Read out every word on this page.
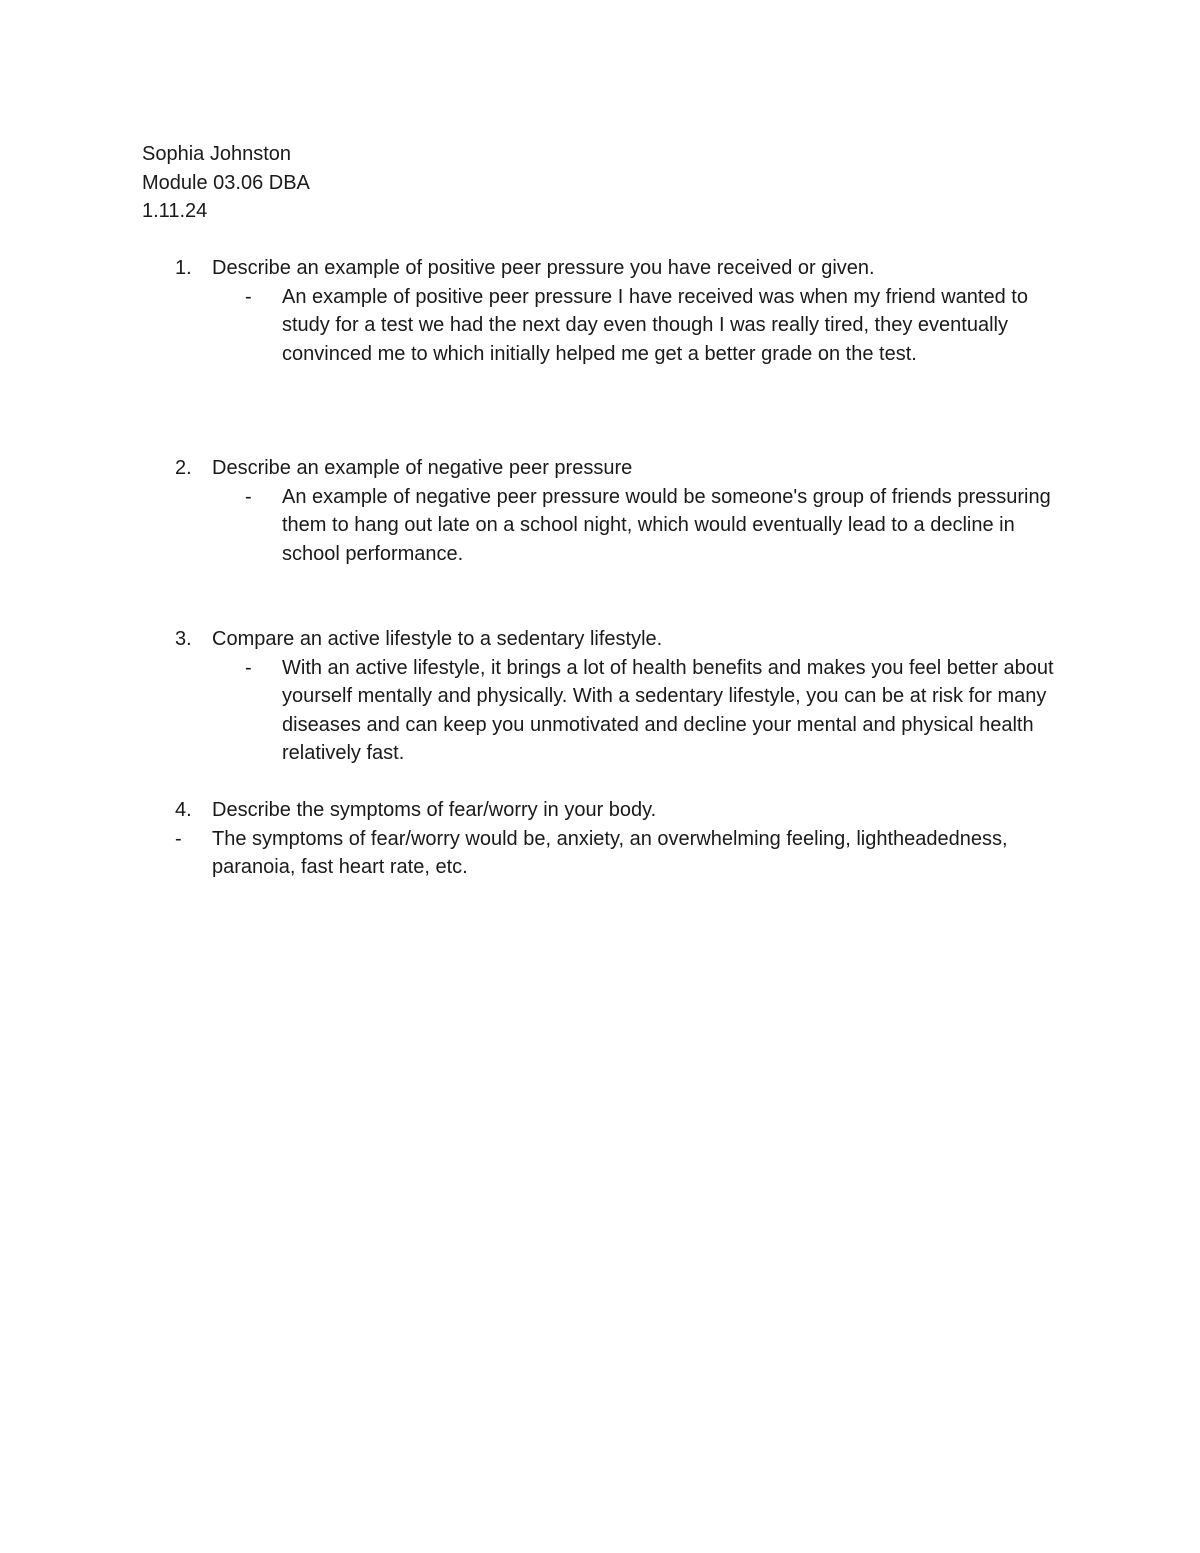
Sophia Johnston
Module 03.06 DBA
1.11.24
1. Describe an example of positive peer pressure you have received or given.
- An example of positive peer pressure I have received was when my friend wanted to study for a test we had the next day even though I was really tired, they eventually convinced me to which initially helped me get a better grade on the test.
2. Describe an example of negative peer pressure
- An example of negative peer pressure would be someone's group of friends pressuring them to hang out late on a school night, which would eventually lead to a decline in school performance.
3. Compare an active lifestyle to a sedentary lifestyle.
- With an active lifestyle, it brings a lot of health benefits and makes you feel better about yourself mentally and physically. With a sedentary lifestyle, you can be at risk for many diseases and can keep you unmotivated and decline your mental and physical health relatively fast.
4. Describe the symptoms of fear/worry in your body.
- The symptoms of fear/worry would be, anxiety, an overwhelming feeling, lightheadedness, paranoia, fast heart rate, etc.
